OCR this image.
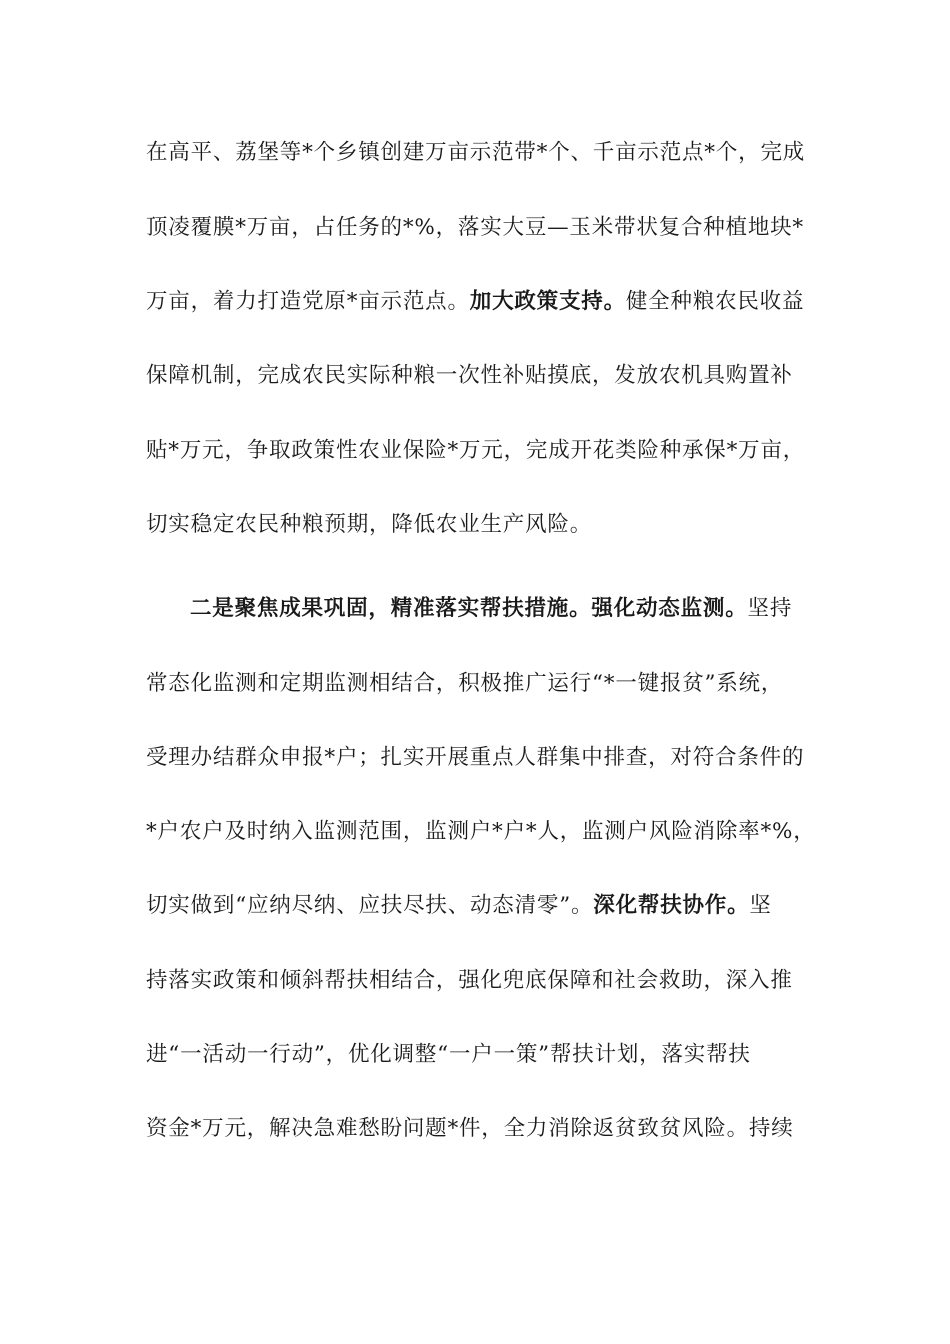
在高平、荔堡等*个乡镇创建万亩示范带*个、千亩示范点*个，完成
顶凌覆膜*万亩，占任务的*%，落实大豆—玉米带状复合种植地块*
万亩，着力打造党原*亩示范点。加大政策支持。健全种粮农民收益
保障机制，完成农民实际种粮一次性补贴摸底，发放农机具购置补
贴*万元，争取政策性农业保险*万元，完成开花类险种承保*万亩，
切实稳定农民种粮预期，降低农业生产风险。
二是聚焦成果巩固，精准落实帮扶措施。强化动态监测。坚持
常态化监测和定期监测相结合，积极推广运行“*一键报贫”系统，
受理办结群众申报*户；扎实开展重点人群集中排查，对符合条件的
*户农户及时纳入监测范围，监测户*户*人，监测户风险消除率*%，
切实做到“应纳尽纳、应扶尽扶、动态清零”。深化帮扶协作。坚
持落实政策和倾斜帮扶相结合，强化兜底保障和社会救助，深入推
进“一活动一行动”，优化调整“一户一策”帮扶计划，落实帮扶
资金*万元，解决急难愁盼问题*件，全力消除返贫致贫风险。持续
